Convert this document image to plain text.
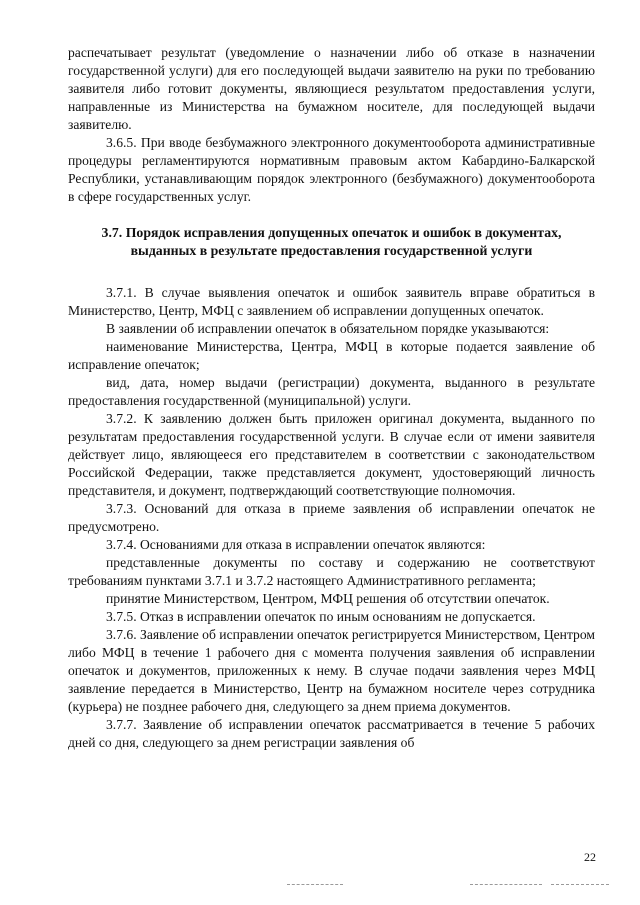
распечатывает результат (уведомление о назначении либо об отказе в назначении государственной услуги) для его последующей выдачи заявителю на руки по требованию заявителя либо готовит документы, являющиеся результатом предоставления услуги, направленные из Министерства на бумажном носителе, для последующей выдачи заявителю.

3.6.5. При вводе безбумажного электронного документооборота административные процедуры регламентируются нормативным правовым актом Кабардино-Балкарской Республики, устанавливающим порядок электронного (безбумажного) документооборота в сфере государственных услуг.

3.7. Порядок исправления допущенных опечаток и ошибок в документах, выданных в результате предоставления государственной услуги

3.7.1. В случае выявления опечаток и ошибок заявитель вправе обратиться в Министерство, Центр, МФЦ с заявлением об исправлении допущенных опечаток.

В заявлении об исправлении опечаток в обязательном порядке указываются:

наименование Министерства, Центра, МФЦ в которые подается заявление об исправление опечаток;

вид, дата, номер выдачи (регистрации) документа, выданного в результате предоставления государственной (муниципальной) услуги.

3.7.2. К заявлению должен быть приложен оригинал документа, выданного по результатам предоставления государственной услуги. В случае если от имени заявителя действует лицо, являющееся его представителем в соответствии с законодательством Российской Федерации, также представляется документ, удостоверяющий личность представителя, и документ, подтверждающий соответствующие полномочия.

3.7.3. Оснований для отказа в приеме заявления об исправлении опечаток не предусмотрено.

3.7.4. Основаниями для отказа в исправлении опечаток являются:

представленные документы по составу и содержанию не соответствуют требованиям пунктами 3.7.1 и 3.7.2 настоящего Административного регламента;

принятие Министерством, Центром, МФЦ решения об отсутствии опечаток.

3.7.5. Отказ в исправлении опечаток по иным основаниям не допускается.

3.7.6. Заявление об исправлении опечаток регистрируется Министерством, Центром либо МФЦ в течение 1 рабочего дня с момента получения заявления об исправлении опечаток и документов, приложенных к нему. В случае подачи заявления через МФЦ заявление передается в Министерство, Центр на бумажном носителе через сотрудника (курьера) не позднее рабочего дня, следующего за днем приема документов.

3.7.7. Заявление об исправлении опечаток рассматривается в течение 5 рабочих дней со дня, следующего за днем регистрации заявления об

22
